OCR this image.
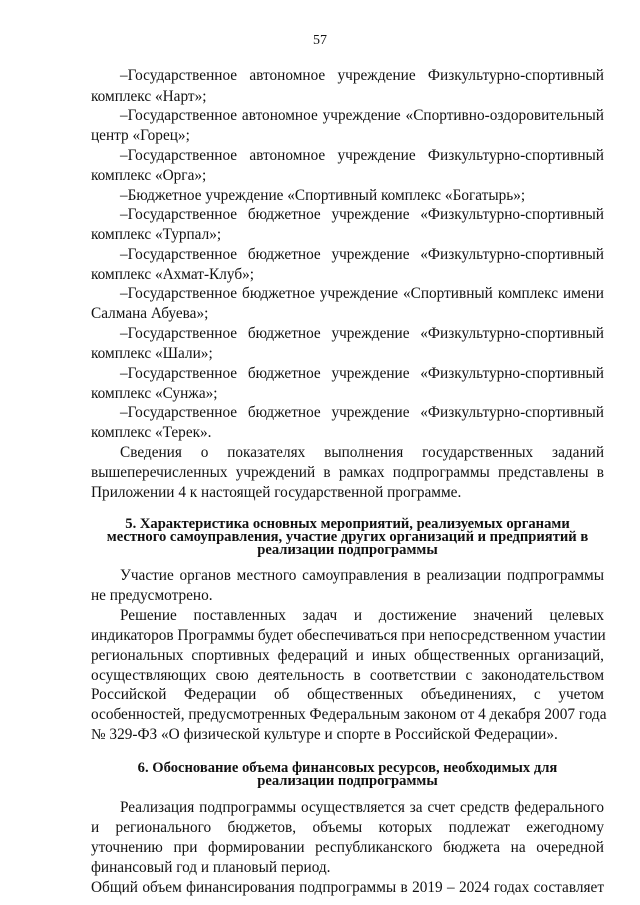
57
–Государственное автономное учреждение Физкультурно-спортивный
комплекс «Нарт»;
–Государственное автономное учреждение «Спортивно-оздоровительный
центр «Горец»;
–Государственное автономное учреждение Физкультурно-спортивный
комплекс «Орга»;
–Бюджетное учреждение «Спортивный комплекс «Богатырь»;
–Государственное бюджетное учреждение «Физкультурно-спортивный
комплекс «Турпал»;
–Государственное бюджетное учреждение «Физкультурно-спортивный
комплекс «Ахмат-Клуб»;
–Государственное бюджетное учреждение «Спортивный комплекс имени
Салмана Абуева»;
–Государственное бюджетное учреждение «Физкультурно-спортивный
комплекс «Шали»;
–Государственное бюджетное учреждение «Физкультурно-спортивный
комплекс «Сунжа»;
–Государственное бюджетное учреждение «Физкультурно-спортивный
комплекс «Терек».
Сведения о показателях выполнения государственных заданий
вышеперечисленных учреждений в рамках подпрограммы представлены в
Приложении 4 к настоящей государственной программе.
5. Характеристика основных мероприятий, реализуемых органами
местного самоуправления, участие других организаций и предприятий в
реализации подпрограммы
Участие органов местного самоуправления в реализации подпрограммы
не предусмотрено.
Решение поставленных задач и достижение значений целевых
индикаторов Программы будет обеспечиваться при непосредственном участии
региональных спортивных федераций и иных общественных организаций,
осуществляющих свою деятельность в соответствии с законодательством
Российской Федерации об общественных объединениях, с учетом
особенностей, предусмотренных Федеральным законом от 4 декабря 2007 года
№ 329-ФЗ «О физической культуре и спорте в Российской Федерации».
6. Обоснование объема финансовых ресурсов, необходимых для
реализации подпрограммы
Реализация подпрограммы осуществляется за счет средств федерального
и регионального бюджетов, объемы которых подлежат ежегодному
уточнению при формировании республиканского бюджета на очередной
финансовый год и плановый период.
Общий объем финансирования подпрограммы в 2019 – 2024 годах составляет
